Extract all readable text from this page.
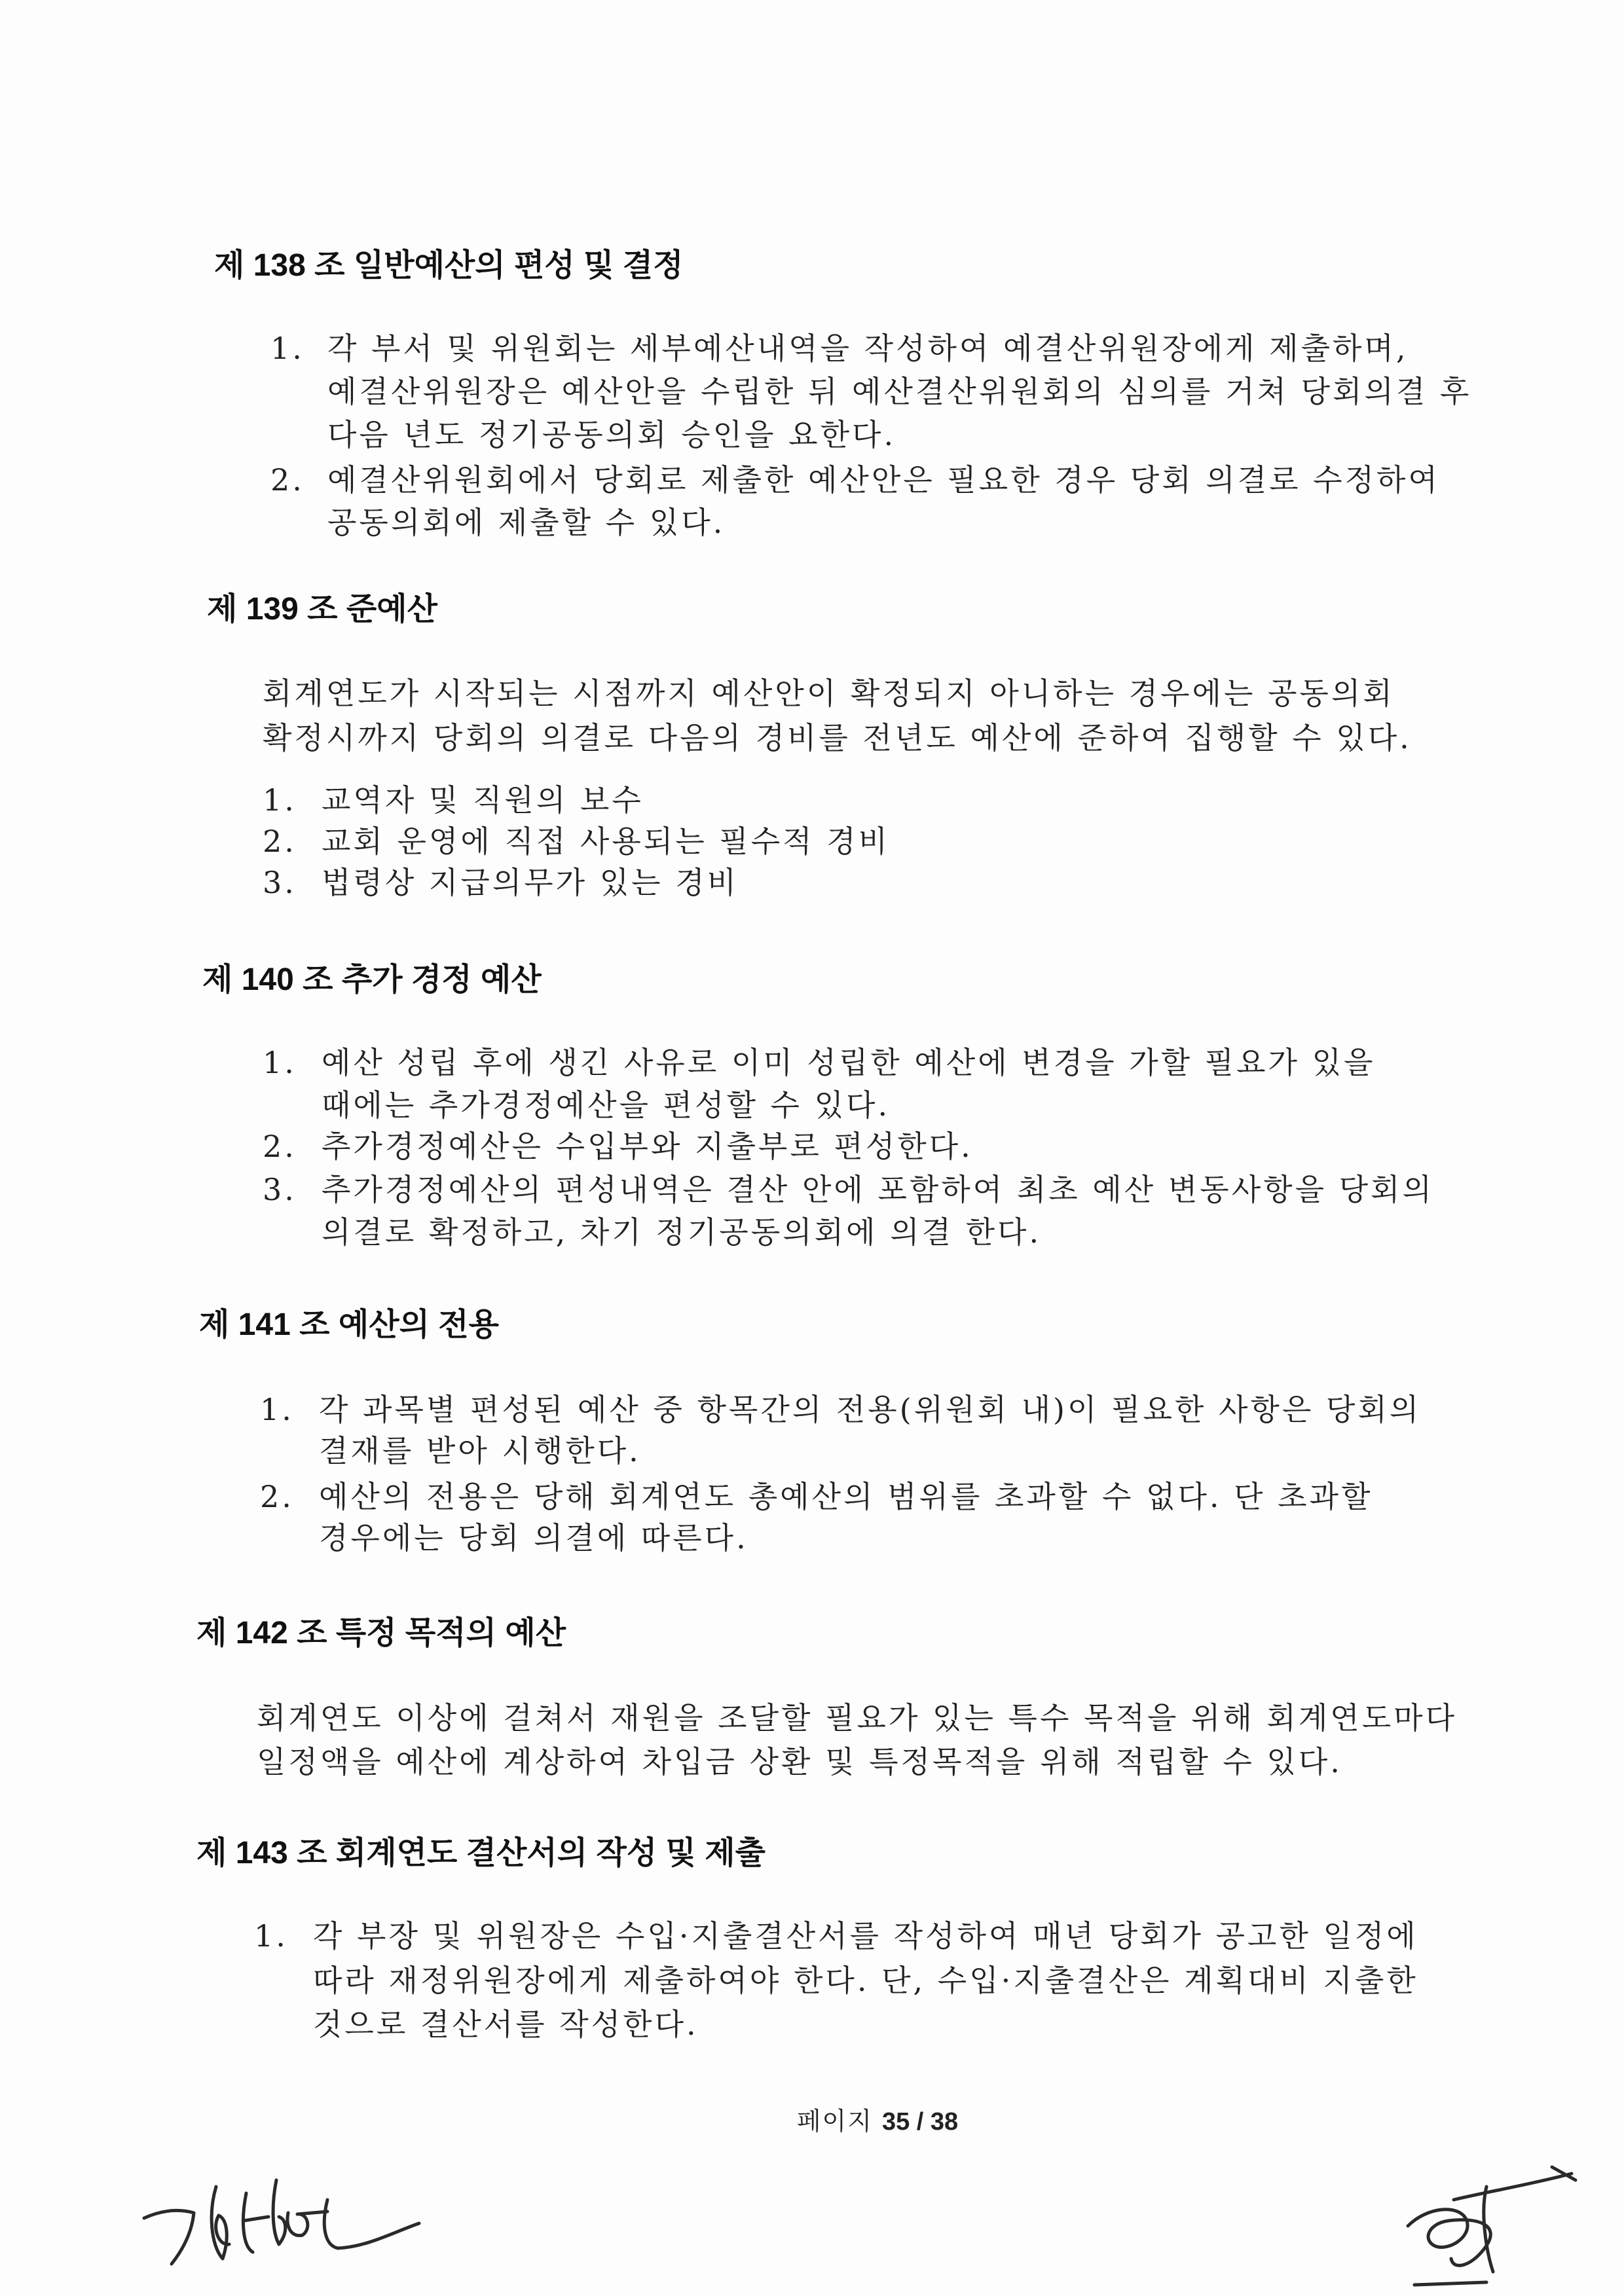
제 138 조 일반예산의 편성 및 결정
1. 각 부서 및 위원회는 세부예산내역을 작성하여 예결산위원장에게 제출하며,
예결산위원장은 예산안을 수립한 뒤 예산결산위원회의 심의를 거쳐 당회의결 후
다음 년도 정기공동의회 승인을 요한다.
2. 예결산위원회에서 당회로 제출한 예산안은 필요한 경우 당회 의결로 수정하여
공동의회에 제출할 수 있다.
제 139 조 준예산
회계연도가 시작되는 시점까지 예산안이 확정되지 아니하는 경우에는 공동의회
확정시까지 당회의 의결로 다음의 경비를 전년도 예산에 준하여 집행할 수 있다.
1. 교역자 및 직원의 보수
2. 교회 운영에 직접 사용되는 필수적 경비
3. 법령상 지급의무가 있는 경비
제 140 조 추가 경정 예산
1. 예산 성립 후에 생긴 사유로 이미 성립한 예산에 변경을 가할 필요가 있을
때에는 추가경정예산을 편성할 수 있다.
2. 추가경정예산은 수입부와 지출부로 편성한다.
3. 추가경정예산의 편성내역은 결산 안에 포함하여 최초 예산 변동사항을 당회의
의결로 확정하고, 차기 정기공동의회에 의결 한다.
제 141 조 예산의 전용
1. 각 과목별 편성된 예산 중 항목간의 전용(위원회 내)이 필요한 사항은 당회의
결재를 받아 시행한다.
2. 예산의 전용은 당해 회계연도 총예산의 범위를 초과할 수 없다. 단 초과할
경우에는 당회 의결에 따른다.
제 142 조 특정 목적의 예산
회계연도 이상에 걸쳐서 재원을 조달할 필요가 있는 특수 목적을 위해 회계연도마다
일정액을 예산에 계상하여 차입금 상환 및 특정목적을 위해 적립할 수 있다.
제 143 조 회계연도 결산서의 작성 및 제출
1. 각 부장 및 위원장은 수입·지출결산서를 작성하여 매년 당회가 공고한 일정에
따라 재정위원장에게 제출하여야 한다. 단, 수입·지출결산은 계획대비 지출한
것으로 결산서를 작성한다.
페이지 35 / 38
